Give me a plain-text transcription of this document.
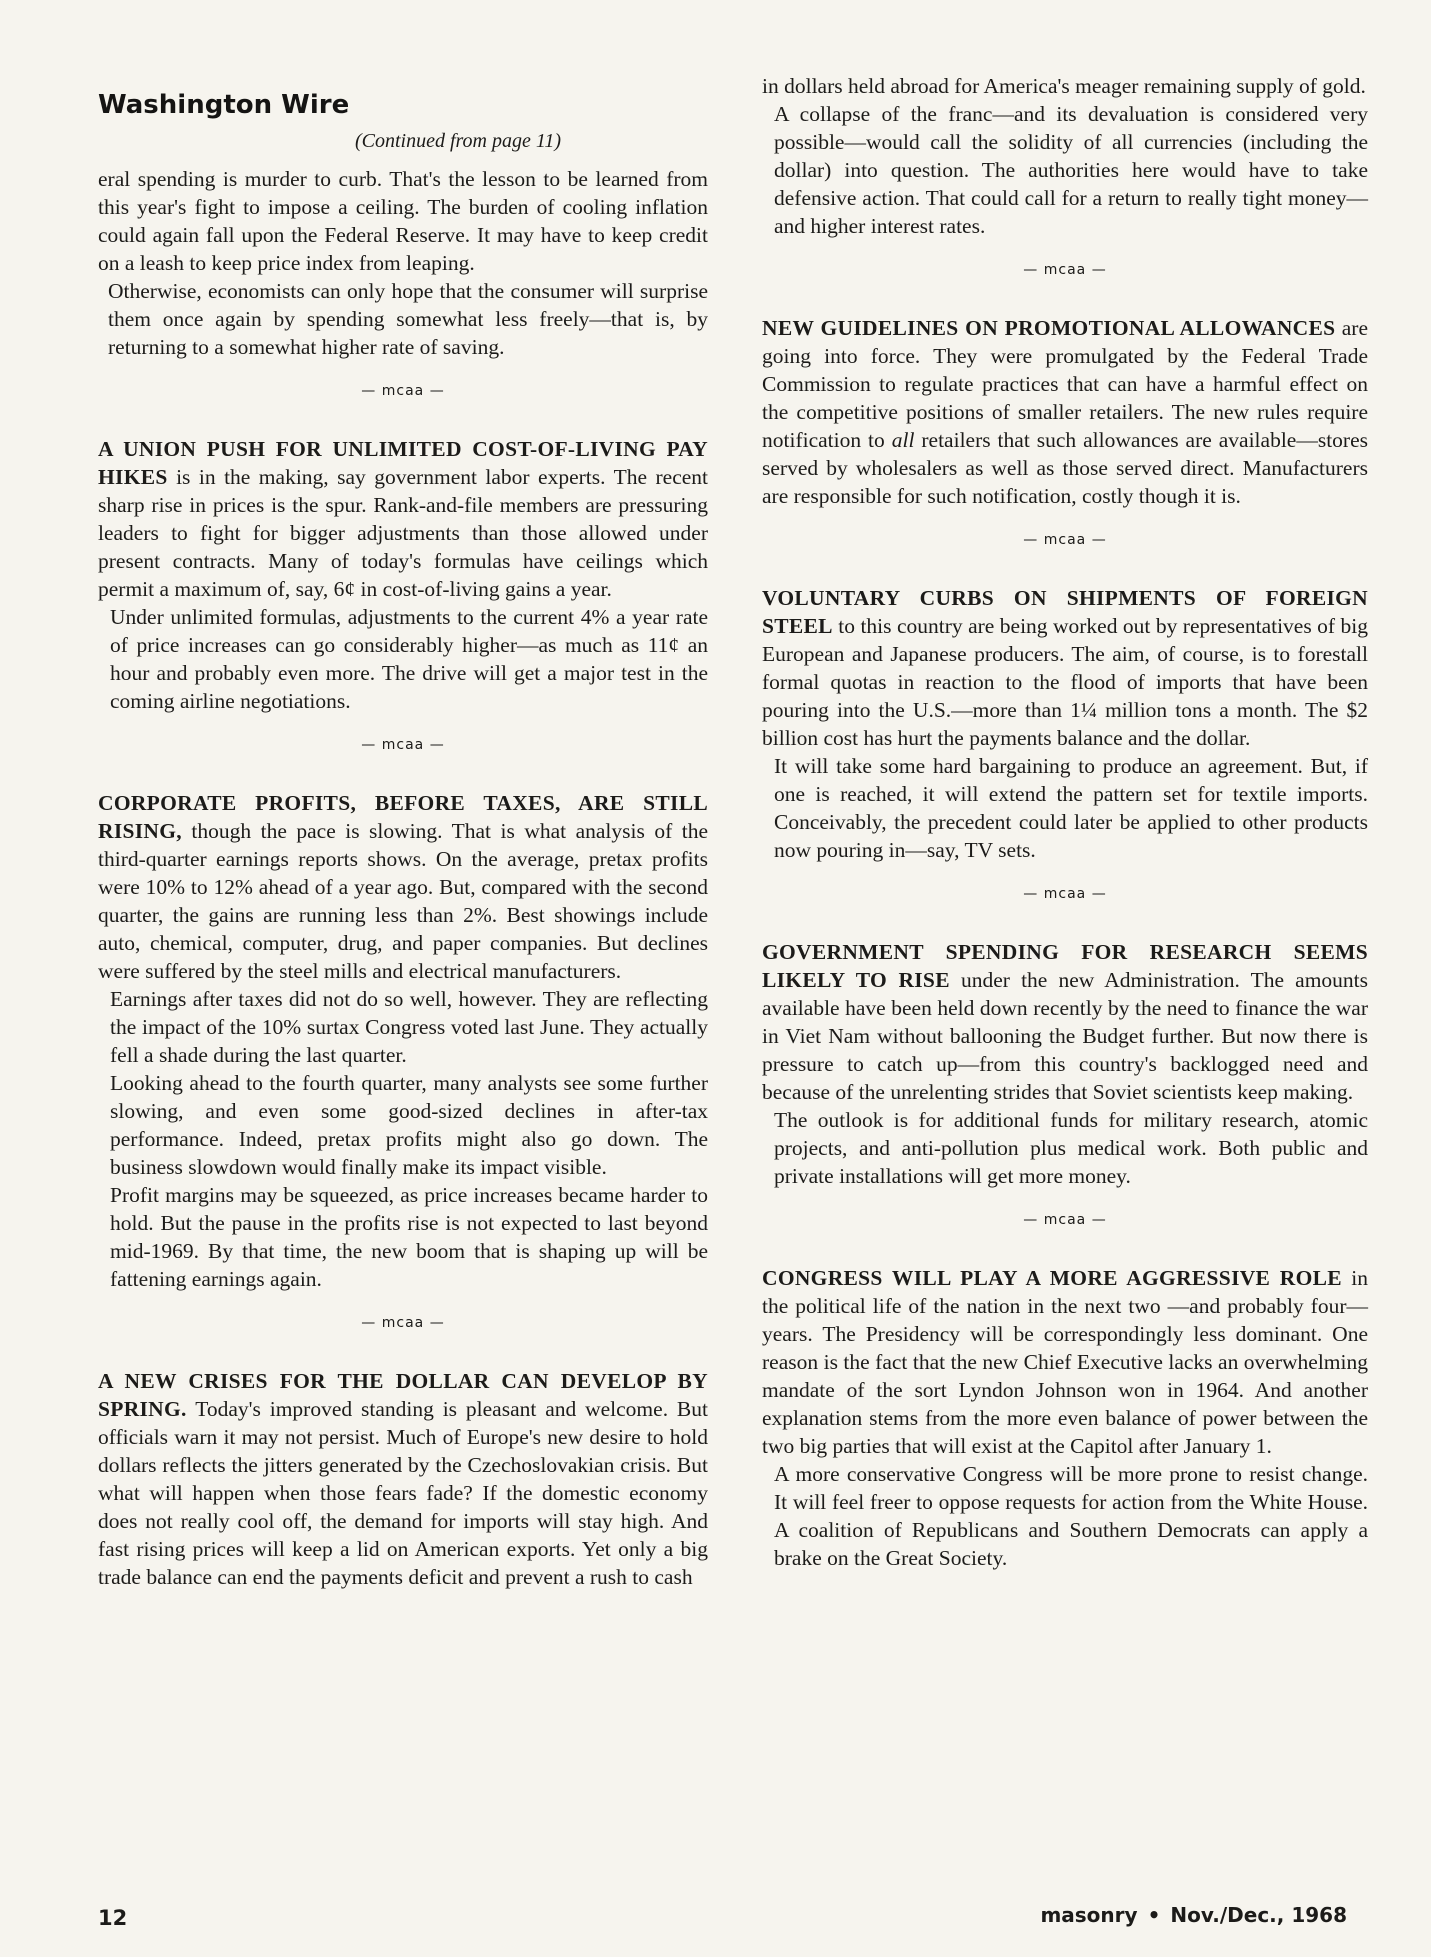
Washington Wire
(Continued from page 11)

eral spending is murder to curb. That's the lesson to be learned from this year's fight to impose a ceiling. The burden of cooling inflation could again fall upon the Federal Reserve. It may have to keep credit on a leash to keep price index from leaping.

Otherwise, economists can only hope that the consumer will surprise them once again by spending somewhat less freely—that is, by returning to a somewhat higher rate of saving.

— mcaa —

A UNION PUSH FOR UNLIMITED COST-OF-LIVING PAY HIKES is in the making, say government labor experts. The recent sharp rise in prices is the spur. Rank-and-file members are pressuring leaders to fight for bigger adjustments than those allowed under present contracts. Many of today's formulas have ceilings which permit a maximum of, say, 6¢ in cost-of-living gains a year.

Under unlimited formulas, adjustments to the current 4% a year rate of price increases can go considerably higher—as much as 11¢ an hour and probably even more. The drive will get a major test in the coming airline negotiations.

— mcaa —

CORPORATE PROFITS, BEFORE TAXES, ARE STILL RISING, though the pace is slowing. That is what analysis of the third-quarter earnings reports shows. On the average, pretax profits were 10% to 12% ahead of a year ago. But, compared with the second quarter, the gains are running less than 2%. Best showings include auto, chemical, computer, drug, and paper companies. But declines were suffered by the steel mills and electrical manufacturers.

Earnings after taxes did not do so well, however. They are reflecting the impact of the 10% surtax Congress voted last June. They actually fell a shade during the last quarter.

Looking ahead to the fourth quarter, many analysts see some further slowing, and even some good-sized declines in after-tax performance. Indeed, pretax profits might also go down. The business slowdown would finally make its impact visible.

Profit margins may be squeezed, as price increases became harder to hold. But the pause in the profits rise is not expected to last beyond mid-1969. By that time, the new boom that is shaping up will be fattening earnings again.

— mcaa —

A NEW CRISES FOR THE DOLLAR CAN DEVELOP BY SPRING. Today's improved standing is pleasant and welcome. But officials warn it may not persist. Much of Europe's new desire to hold dollars reflects the jitters generated by the Czechoslovakian crisis. But what will happen when those fears fade? If the domestic economy does not really cool off, the demand for imports will stay high. And fast rising prices will keep a lid on American exports. Yet only a big trade balance can end the payments deficit and prevent a rush to cash

in dollars held abroad for America's meager remaining supply of gold.

A collapse of the franc—and its devaluation is considered very possible—would call the solidity of all currencies (including the dollar) into question. The authorities here would have to take defensive action. That could call for a return to really tight money—and higher interest rates.

— mcaa —

NEW GUIDELINES ON PROMOTIONAL ALLOWANCES are going into force. They were promulgated by the Federal Trade Commission to regulate practices that can have a harmful effect on the competitive positions of smaller retailers. The new rules require notification to all retailers that such allowances are available—stores served by wholesalers as well as those served direct. Manufacturers are responsible for such notification, costly though it is.

— mcaa —

VOLUNTARY CURBS ON SHIPMENTS OF FOREIGN STEEL to this country are being worked out by representatives of big European and Japanese producers. The aim, of course, is to forestall formal quotas in reaction to the flood of imports that have been pouring into the U.S.—more than 1¼ million tons a month. The $2 billion cost has hurt the payments balance and the dollar.

It will take some hard bargaining to produce an agreement. But, if one is reached, it will extend the pattern set for textile imports. Conceivably, the precedent could later be applied to other products now pouring in—say, TV sets.

— mcaa —

GOVERNMENT SPENDING FOR RESEARCH SEEMS LIKELY TO RISE under the new Administration. The amounts available have been held down recently by the need to finance the war in Viet Nam without ballooning the Budget further. But now there is pressure to catch up—from this country's backlogged need and because of the unrelenting strides that Soviet scientists keep making.

The outlook is for additional funds for military research, atomic projects, and anti-pollution plus medical work. Both public and private installations will get more money.

— mcaa —

CONGRESS WILL PLAY A MORE AGGRESSIVE ROLE in the political life of the nation in the next two —and probably four—years. The Presidency will be correspondingly less dominant. One reason is the fact that the new Chief Executive lacks an overwhelming mandate of the sort Lyndon Johnson won in 1964. And another explanation stems from the more even balance of power between the two big parties that will exist at the Capitol after January 1.

A more conservative Congress will be more prone to resist change. It will feel freer to oppose requests for action from the White House. A coalition of Republicans and Southern Democrats can apply a brake on the Great Society.

12	masonry • Nov./Dec., 1968
